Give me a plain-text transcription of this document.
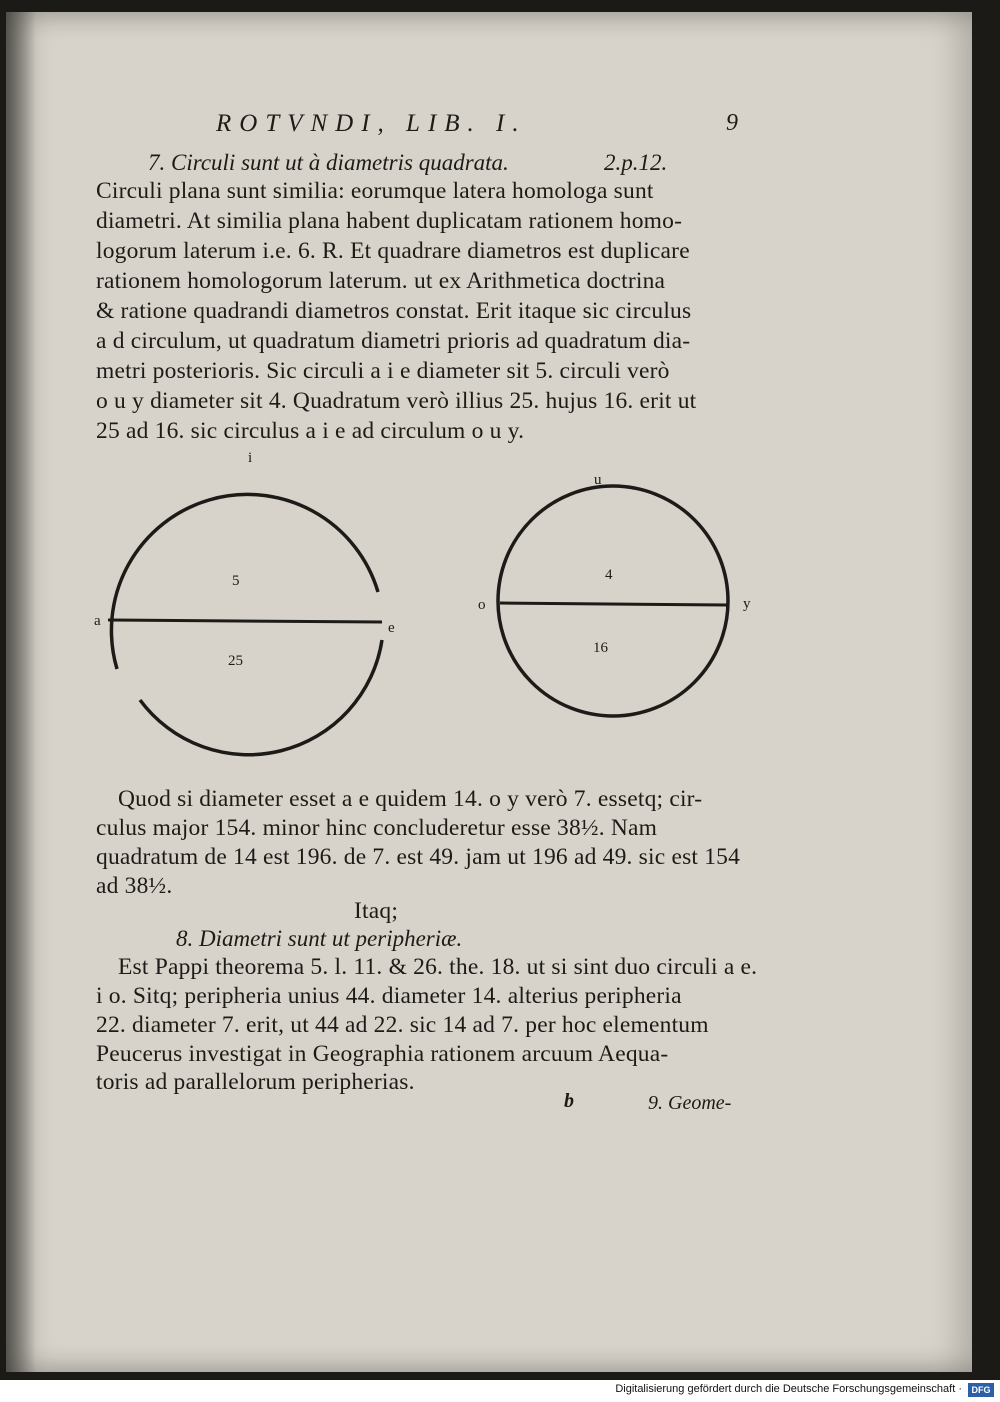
ROTVNDI, LIB. I.	9
7. Circuli sunt ut à diametris quadrata.	2.p.12.
Circuli plana sunt similia: eorumque latera homologa sunt
diametri. At similia plana habent duplicatam rationem homo-
logorum laterum i.e. 6. R. Et quadrare diametros est duplicare
rationem homologorum laterum. ut ex Arithmetica doctrina
& ratione quadrandi diametros constat. Erit itaque sic circulus
a d circulum, ut quadratum diametri prioris ad quadratum dia-
metri posterioris. Sic circuli a i e diameter sit 5. circuli verò
o u y diameter sit 4. Quadratum verò illius 25. hujus 16. erit ut
25 ad 16. sic circulus a i e ad circulum o u y.
i
a	e
5
25
u
o	y
4
16
Quod si diameter esset a e quidem 14. o y verò 7. essetq; cir-
culus major 154. minor hinc concluderetur esse 38½. Nam
quadratum de 14 est 196. de 7. est 49. jam ut 196 ad 49. sic est 154
ad 38½.
Itaq;
8. Diametri sunt ut peripheriæ.
Est Pappi theorema 5. l. 11. & 26. the. 18. ut si sint duo circuli a e.
i o. Sitq; peripheria unius 44. diameter 14. alterius peripheria
22. diameter 7. erit, ut 44 ad 22. sic 14 ad 7. per hoc elementum
Peucerus investigat in Geographia rationem arcuum Aequa-
toris ad parallelorum peripherias.
b	9. Geome-
Digitalisierung gefördert durch die Deutsche Forschungsgemeinschaft ·	DFG
